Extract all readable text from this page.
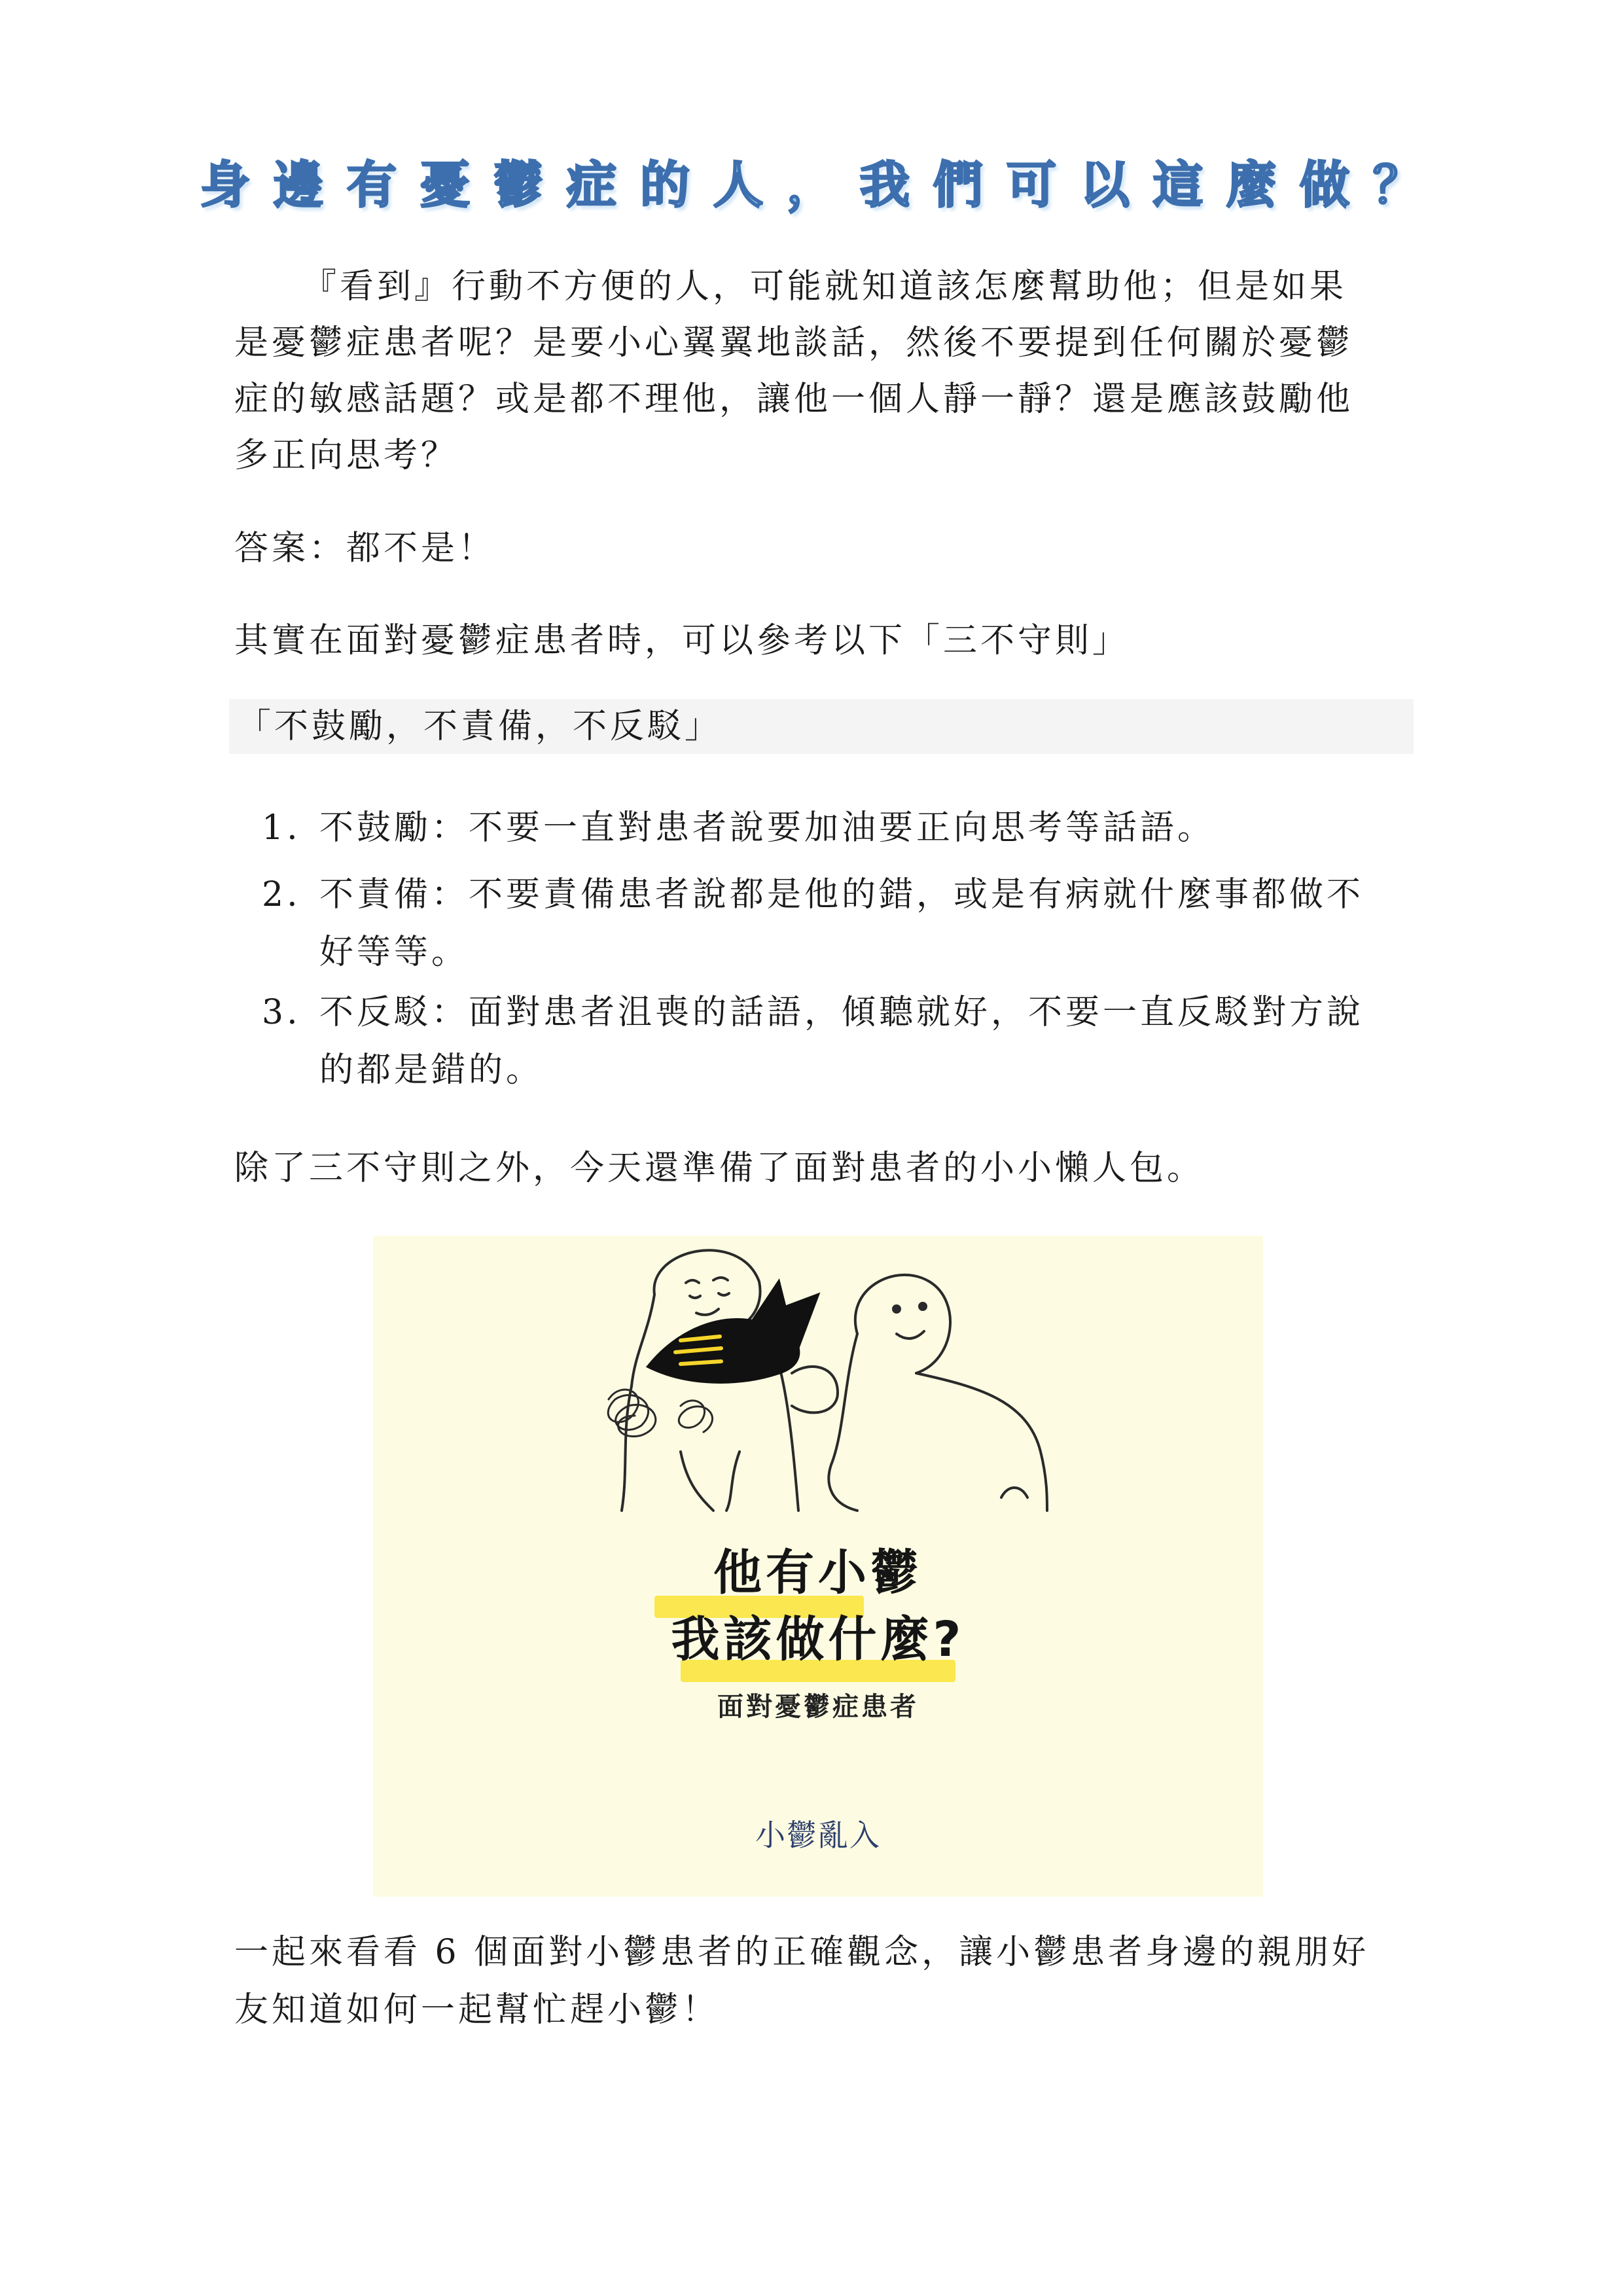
身邊有憂鬱症的人，我們可以這麼做？

『看到』行動不方便的人，可能就知道該怎麼幫助他；但是如果

是憂鬱症患者呢？是要小心翼翼地談話，然後不要提到任何關於憂鬱

症的敏感話題？或是都不理他，讓他一個人靜一靜？還是應該鼓勵他

多正向思考？

答案：都不是！

其實在面對憂鬱症患者時，可以參考以下「三不守則」

「不鼓勵，不責備，不反駁」
1. 不鼓勵：不要一直對患者說要加油要正向思考等話語。
2. 不責備：不要責備患者說都是他的錯，或是有病就什麼事都做不
好等等。
3. 不反駁：面對患者沮喪的話語，傾聽就好，不要一直反駁對方說
的都是錯的。

除了三不守則之外，今天還準備了面對患者的小小懶人包。

他有小鬱
我該做什麼?
面對憂鬱症患者
小鬱亂入

一起來看看 6 個面對小鬱患者的正確觀念，讓小鬱患者身邊的親朋好

友知道如何一起幫忙趕小鬱！
